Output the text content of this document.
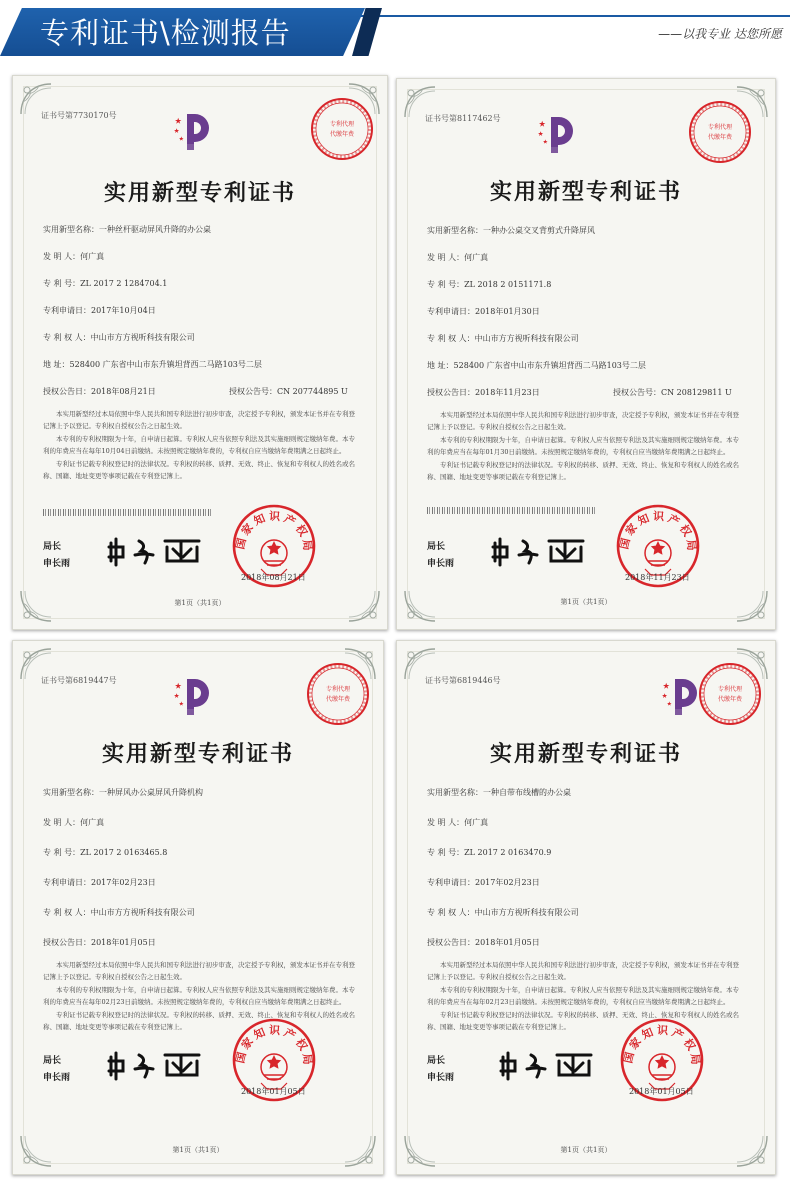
专利证书\检测报告	——以我专业 达您所愿
证书号第7730170号
专利代理
代缴年费
实用新型专利证书
实用新型名称：一种丝杆驱动屏风升降的办公桌
发 明 人：何广真
专 利 号：ZL 2017 2 1284704.1
专利申请日：2017年10月04日
专 利 权 人：中山市方方视听科技有限公司
地 址：528400 广东省中山市东升镇坦背西二马路103号二层
授权公告日：2018年08月21日	授权公告号：CN 207744895 U

本实用新型经过本局依照中华人民共和国专利法进行初步审查，决定授予专利权，颁发本证书并在专利登记簿上予以登记。专利权自授权公告之日起生效。

本专利的专利权期限为十年，自申请日起算。专利权人应当依照专利法及其实施细则规定缴纳年费。本专利的年费应当在每年10月04日前缴纳。未按照规定缴纳年费的，专利权自应当缴纳年费期满之日起终止。

专利证书记载专利权登记时的法律状况。专利权的转移、质押、无效、终止、恢复和专利权人的姓名或名称、国籍、地址变更等事项记载在专利登记簿上。

局长
申长雨
国家知识产权局
2018年08月21日
第1页（共1页）
证书号第8117462号
专利代理
代缴年费
实用新型专利证书
实用新型名称：一种办公桌交叉背剪式升降屏风
发 明 人：何广真
专 利 号：ZL 2018 2 0151171.8
专利申请日：2018年01月30日
专 利 权 人：中山市方方视听科技有限公司
地 址：528400 广东省中山市东升镇坦背西二马路103号二层
授权公告日：2018年11月23日	授权公告号：CN 208129811 U

本实用新型经过本局依照中华人民共和国专利法进行初步审查，决定授予专利权，颁发本证书并在专利登记簿上予以登记。专利权自授权公告之日起生效。

本专利的专利权期限为十年，自申请日起算。专利权人应当依照专利法及其实施细则规定缴纳年费。本专利的年费应当在每年01月30日前缴纳。未按照规定缴纳年费的，专利权自应当缴纳年费期满之日起终止。

专利证书记载专利权登记时的法律状况。专利权的转移、质押、无效、终止、恢复和专利权人的姓名或名称、国籍、地址变更等事项记载在专利登记簿上。

局长
申长雨
国家知识产权局
2018年11月23日
第1页（共1页）
证书号第6819447号
专利代理
代缴年费
实用新型专利证书
实用新型名称：一种屏风办公桌屏风升降机构
发 明 人：何广真
专 利 号：ZL 2017 2 0163465.8
专利申请日：2017年02月23日
专 利 权 人：中山市方方视听科技有限公司
授权公告日：2018年01月05日

本实用新型经过本局依照中华人民共和国专利法进行初步审查，决定授予专利权，颁发本证书并在专利登记簿上予以登记。专利权自授权公告之日起生效。

本专利的专利权期限为十年，自申请日起算。专利权人应当依照专利法及其实施细则规定缴纳年费。本专利的年费应当在每年02月23日前缴纳。未按照规定缴纳年费的，专利权自应当缴纳年费期满之日起终止。

专利证书记载专利权登记时的法律状况。专利权的转移、质押、无效、终止、恢复和专利权人的姓名或名称、国籍、地址变更等事项记载在专利登记簿上。

局长
申长雨
国家知识产权局
2018年01月05日
第1页（共1页）
证书号第6819446号
专利代理
代缴年费
实用新型专利证书
实用新型名称：一种自带布线槽的办公桌
发 明 人：何广真
专 利 号：ZL 2017 2 0163470.9
专利申请日：2017年02月23日
专 利 权 人：中山市方方视听科技有限公司
授权公告日：2018年01月05日

本实用新型经过本局依照中华人民共和国专利法进行初步审查，决定授予专利权，颁发本证书并在专利登记簿上予以登记。专利权自授权公告之日起生效。

本专利的专利权期限为十年，自申请日起算。专利权人应当依照专利法及其实施细则规定缴纳年费。本专利的年费应当在每年02月23日前缴纳。未按照规定缴纳年费的，专利权自应当缴纳年费期满之日起终止。

专利证书记载专利权登记时的法律状况。专利权的转移、质押、无效、终止、恢复和专利权人的姓名或名称、国籍、地址变更等事项记载在专利登记簿上。

局长
申长雨
国家知识产权局
2018年01月05日
第1页（共1页）
